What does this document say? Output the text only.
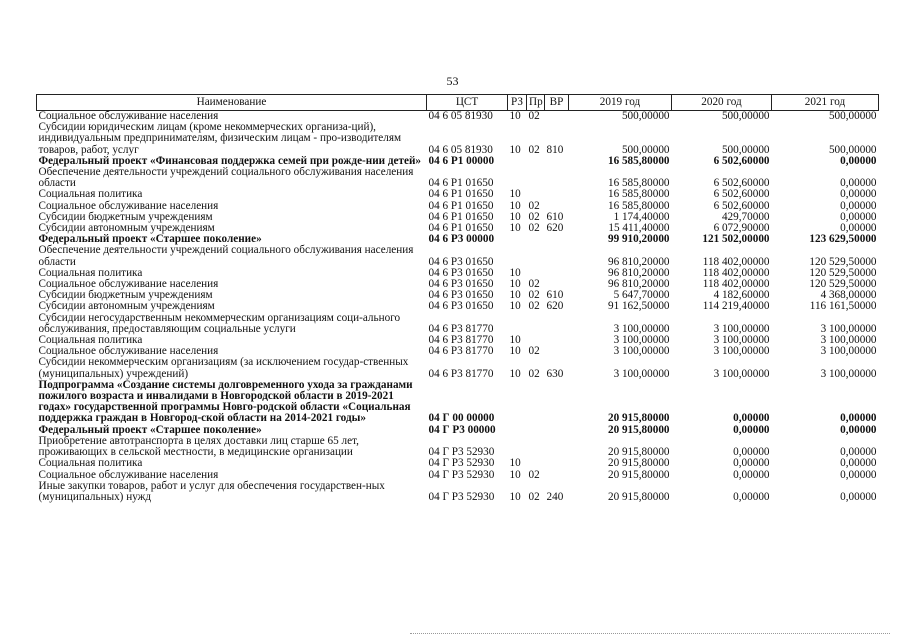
53
Наименование	ЦСТ	РЗ	Пр	ВР	2019 год	2020 год	2021 год
Социальное обслуживание населения	04 6 05 81930	10	02		500,00000	500,00000	500,00000
Субсидии юридическим лицам (кроме некоммерческих организа-ций), индивидуальным предпринимателям, физическим лицам - про-изводителям товаров, работ, услуг	04 6 05 81930	10	02	810	500,00000	500,00000	500,00000
Федеральный проект «Финансовая поддержка семей при рожде-нии детей»	04 6 P1 00000				16 585,80000	6 502,60000	0,00000
Обеспечение деятельности учреждений социального обслуживания населения области	04 6 P1 01650				16 585,80000	6 502,60000	0,00000
Социальная политика	04 6 P1 01650	10			16 585,80000	6 502,60000	0,00000
Социальное обслуживание населения	04 6 P1 01650	10	02		16 585,80000	6 502,60000	0,00000
Субсидии бюджетным учреждениям	04 6 P1 01650	10	02	610	1 174,40000	429,70000	0,00000
Субсидии автономным учреждениям	04 6 P1 01650	10	02	620	15 411,40000	6 072,90000	0,00000
Федеральный проект «Старшее поколение»	04 6 P3 00000				99 910,20000	121 502,00000	123 629,50000
Обеспечение деятельности учреждений социального обслуживания населения области	04 6 P3 01650				96 810,20000	118 402,00000	120 529,50000
Социальная политика	04 6 P3 01650	10			96 810,20000	118 402,00000	120 529,50000
Социальное обслуживание населения	04 6 P3 01650	10	02		96 810,20000	118 402,00000	120 529,50000
Субсидии бюджетным учреждениям	04 6 P3 01650	10	02	610	5 647,70000	4 182,60000	4 368,00000
Субсидии автономным учреждениям	04 6 P3 01650	10	02	620	91 162,50000	114 219,40000	116 161,50000
Субсидии негосударственным некоммерческим организациям соци-ального обслуживания, предоставляющим социальные услуги	04 6 P3 81770				3 100,00000	3 100,00000	3 100,00000
Социальная политика	04 6 P3 81770	10			3 100,00000	3 100,00000	3 100,00000
Социальное обслуживание населения	04 6 P3 81770	10	02		3 100,00000	3 100,00000	3 100,00000
Субсидии некоммерческим организациям (за исключением государ-ственных (муниципальных) учреждений)	04 6 P3 81770	10	02	630	3 100,00000	3 100,00000	3 100,00000
Подпрограмма «Создание системы долговременного ухода за гражданами пожилого возраста и инвалидами в Новгородской области в 2019-2021 годах» государственной программы Новго-родской области «Социальная поддержка граждан в Новгород-ской области на 2014-2021 годы»	04 Г 00 00000				20 915,80000	0,00000	0,00000
Федеральный проект «Старшее поколение»	04 Г P3 00000				20 915,80000	0,00000	0,00000
Приобретение автотранспорта в целях доставки лиц старше 65 лет, проживающих в сельской местности, в медицинские организации	04 Г P3 52930				20 915,80000	0,00000	0,00000
Социальная политика	04 Г P3 52930	10			20 915,80000	0,00000	0,00000
Социальное обслуживание населения	04 Г P3 52930	10	02		20 915,80000	0,00000	0,00000
Иные закупки товаров, работ и услуг для обеспечения государствен-ных (муниципальных) нужд	04 Г P3 52930	10	02	240	20 915,80000	0,00000	0,00000
